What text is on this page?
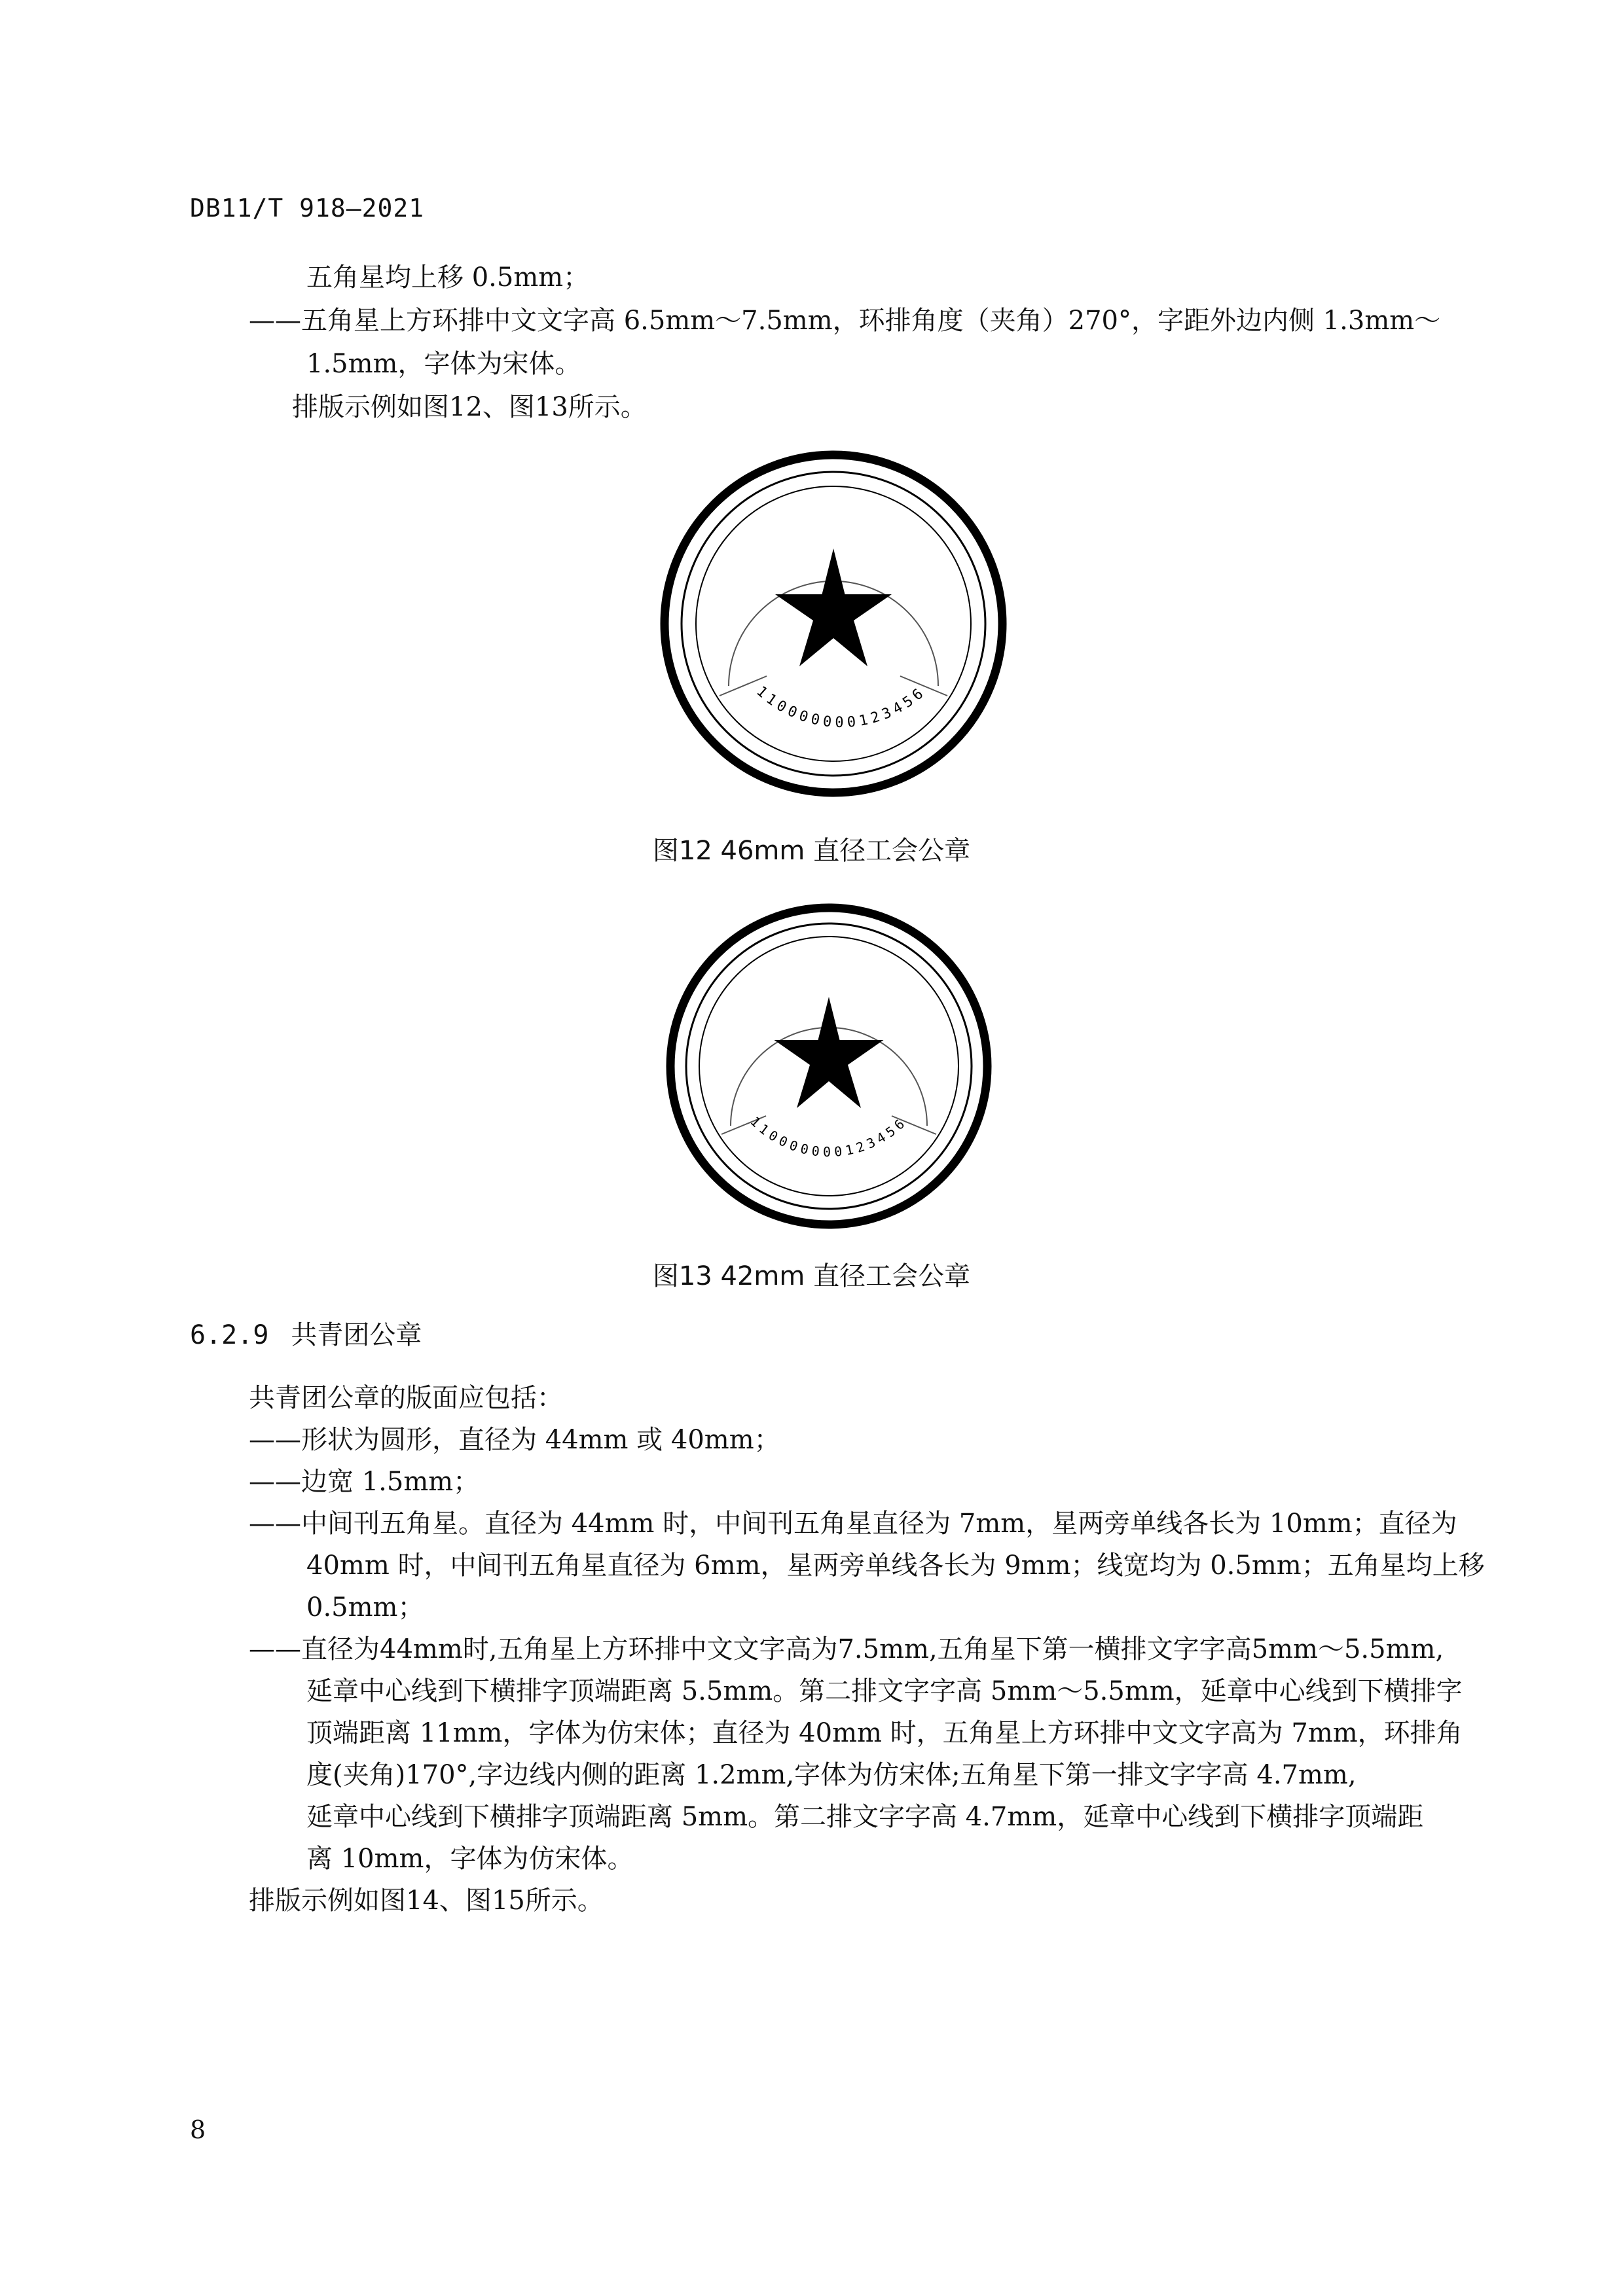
DB11/T 918—2021
五角星均上移 0.5mm；
——五角星上方环排中文文字高 6.5mm～7.5mm，环排角度（夹角）270°，字距外边内侧 1.3mm～
1.5mm，字体为宋体。
排版示例如图12、图13所示。
110000000123456
图12 46mm 直径工会公章
110000000123456
图13 42mm 直径工会公章
6.2.9 共青团公章
共青团公章的版面应包括：
——形状为圆形，直径为 44mm 或 40mm；
——边宽 1.5mm；
——中间刊五角星。直径为 44mm 时，中间刊五角星直径为 7mm，星两旁单线各长为 10mm；直径为
40mm 时，中间刊五角星直径为 6mm，星两旁单线各长为 9mm；线宽均为 0.5mm；五角星均上移
0.5mm；
——直径为44mm时,五角星上方环排中文文字高为7.5mm,五角星下第一横排文字字高5mm～5.5mm,
延章中心线到下横排字顶端距离 5.5mm。第二排文字字高 5mm～5.5mm，延章中心线到下横排字
顶端距离 11mm，字体为仿宋体；直径为 40mm 时，五角星上方环排中文文字高为 7mm，环排角
度(夹角)170°,字边线内侧的距离 1.2mm,字体为仿宋体;五角星下第一排文字字高 4.7mm,
延章中心线到下横排字顶端距离 5mm。第二排文字字高 4.7mm，延章中心线到下横排字顶端距
离 10mm，字体为仿宋体。
排版示例如图14、图15所示。
8
